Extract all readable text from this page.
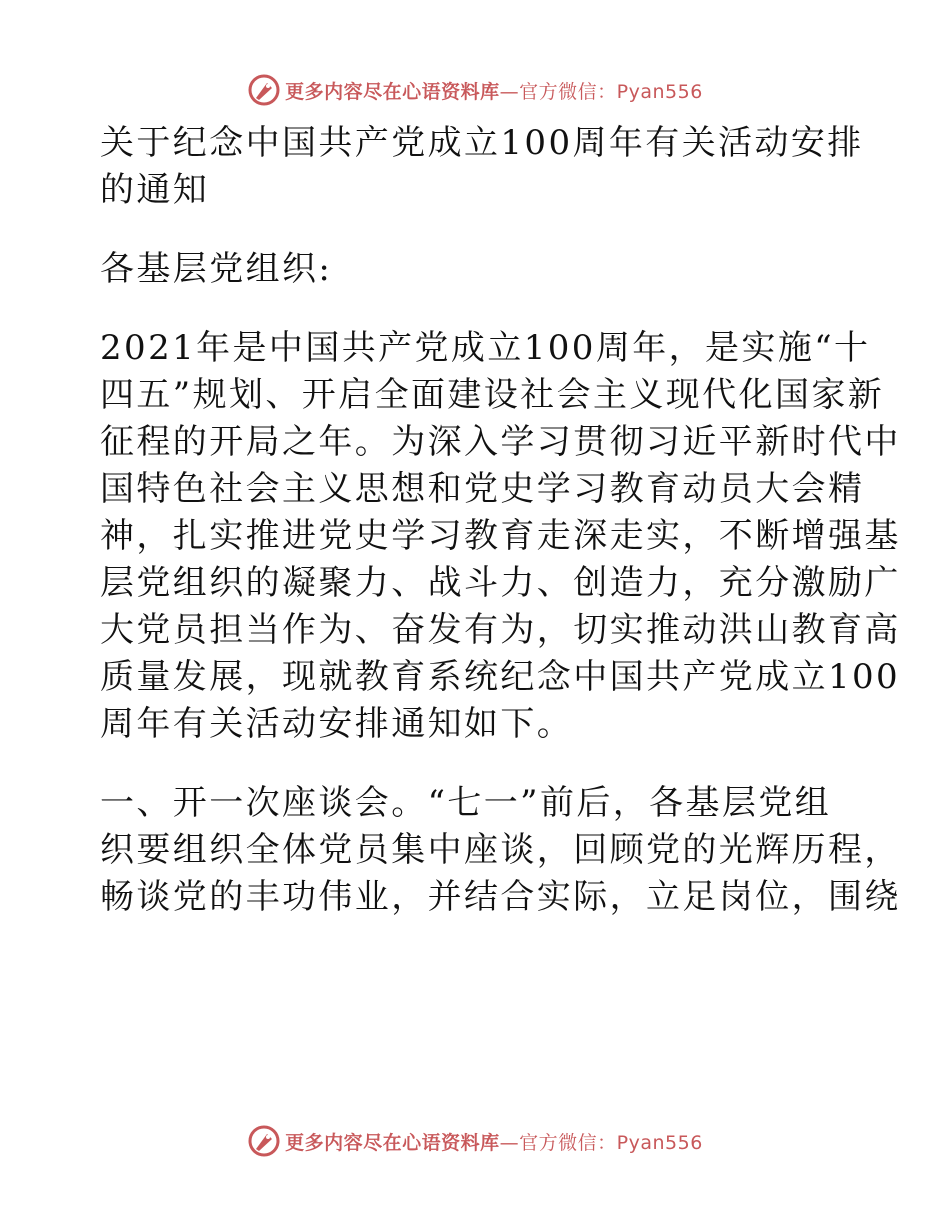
更多内容尽在心语资料库—官方微信：Pyan556
关于纪念中国共产党成立100周年有关活动安排
的通知
各基层党组织:
2021年是中国共产党成立100周年，是实施“十
四五”规划、开启全面建设社会主义现代化国家新
征程的开局之年。为深入学习贯彻习近平新时代中
国特色社会主义思想和党史学习教育动员大会精
神，扎实推进党史学习教育走深走实，不断增强基
层党组织的凝聚力、战斗力、创造力，充分激励广
大党员担当作为、奋发有为，切实推动洪山教育高
质量发展，现就教育系统纪念中国共产党成立100
周年有关活动安排通知如下。
一、开一次座谈会。“七一”前后，各基层党组
织要组织全体党员集中座谈，回顾党的光辉历程，
畅谈党的丰功伟业，并结合实际，立足岗位，围绕
更多内容尽在心语资料库—官方微信：Pyan556
